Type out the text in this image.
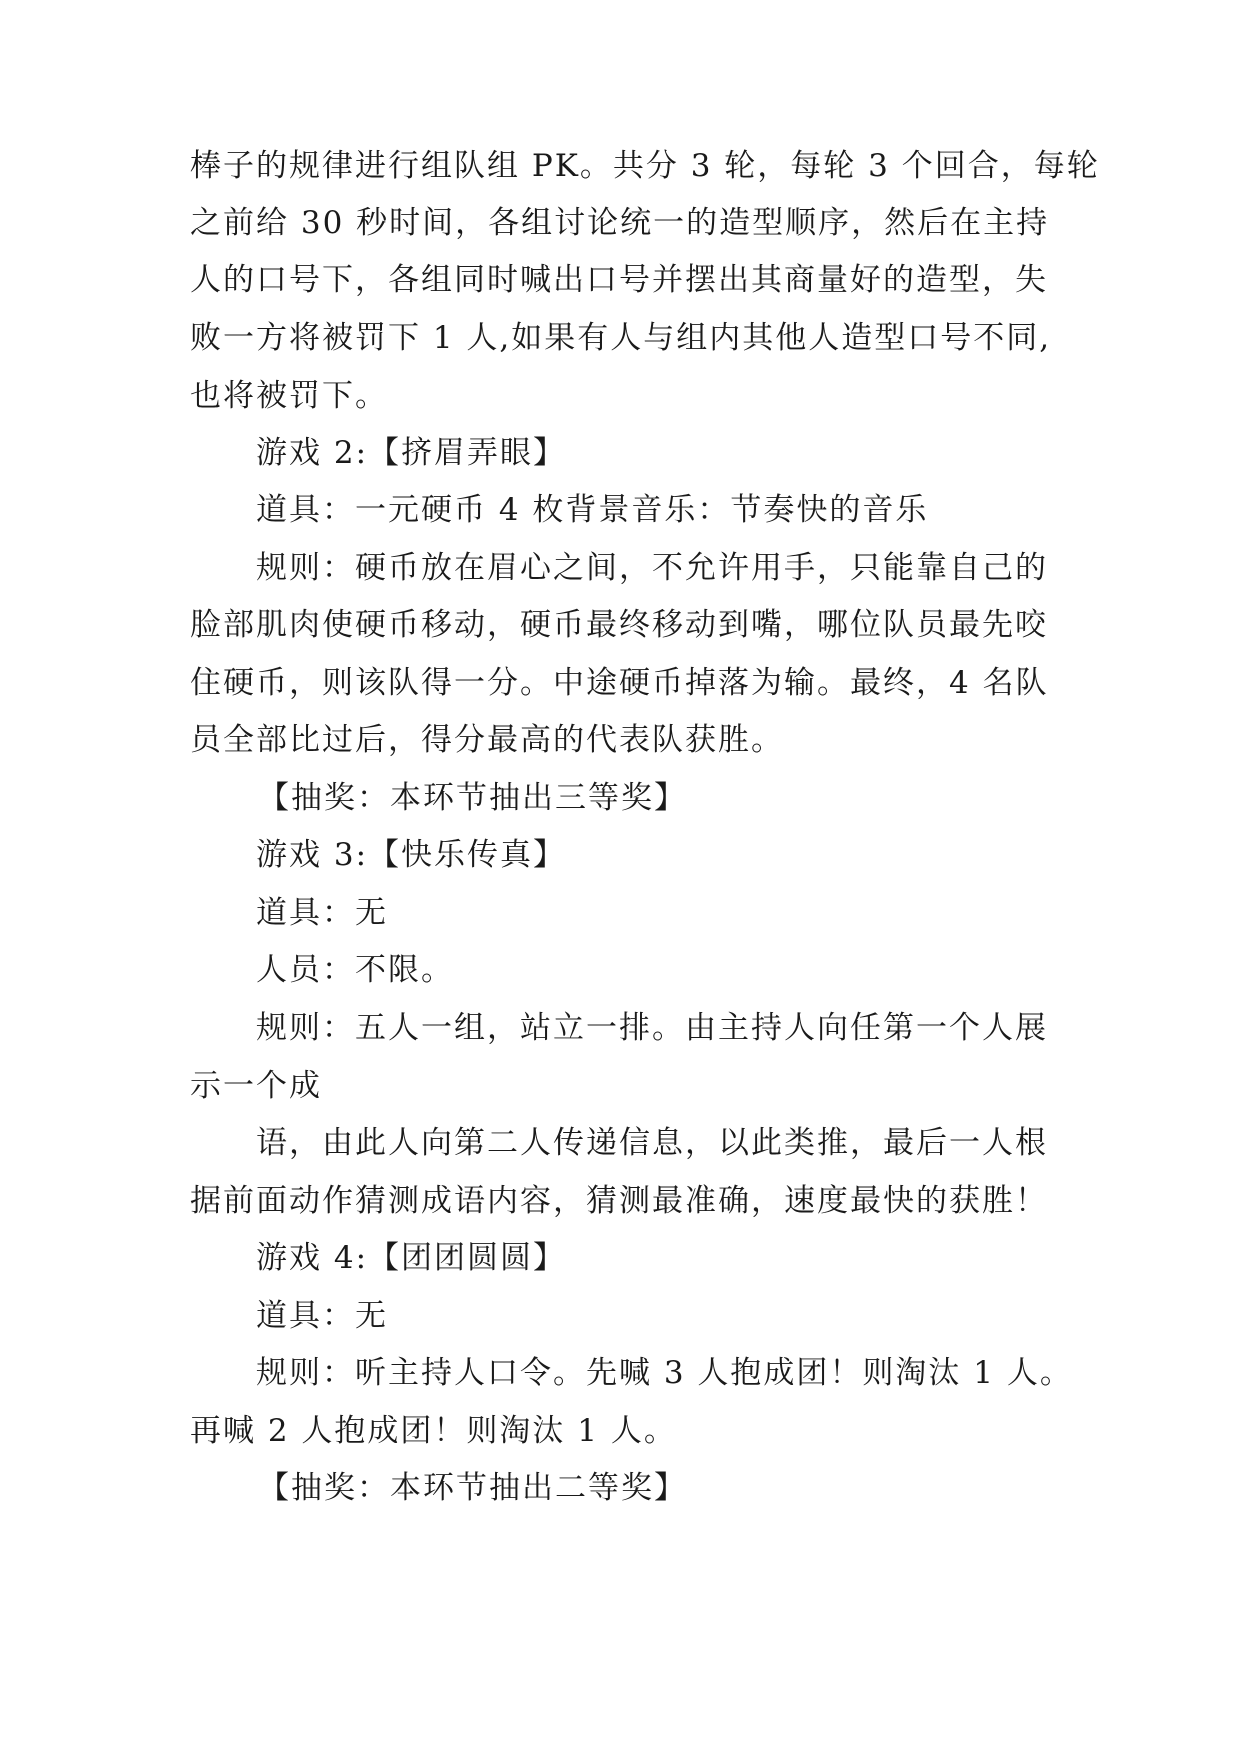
棒子的规律进行组队组 PK。共分 3 轮，每轮 3 个回合，每轮
之前给 30 秒时间，各组讨论统一的造型顺序，然后在主持
人的口号下，各组同时喊出口号并摆出其商量好的造型，失
败一方将被罚下 1 人,如果有人与组内其他人造型口号不同,
也将被罚下。
游戏 2:【挤眉弄眼】
道具：一元硬币 4 枚背景音乐：节奏快的音乐
规则：硬币放在眉心之间，不允许用手，只能靠自己的
脸部肌肉使硬币移动，硬币最终移动到嘴，哪位队员最先咬
住硬币，则该队得一分。中途硬币掉落为输。最终，4 名队
员全部比过后，得分最高的代表队获胜。
【抽奖：本环节抽出三等奖】
游戏 3:【快乐传真】
道具：无
人员：不限。
规则：五人一组，站立一排。由主持人向任第一个人展
示一个成
语，由此人向第二人传递信息，以此类推，最后一人根
据前面动作猜测成语内容，猜测最准确，速度最快的获胜！
游戏 4:【团团圆圆】
道具：无
规则：听主持人口令。先喊 3 人抱成团！则淘汰 1 人。
再喊 2 人抱成团！则淘汰 1 人。
【抽奖：本环节抽出二等奖】
